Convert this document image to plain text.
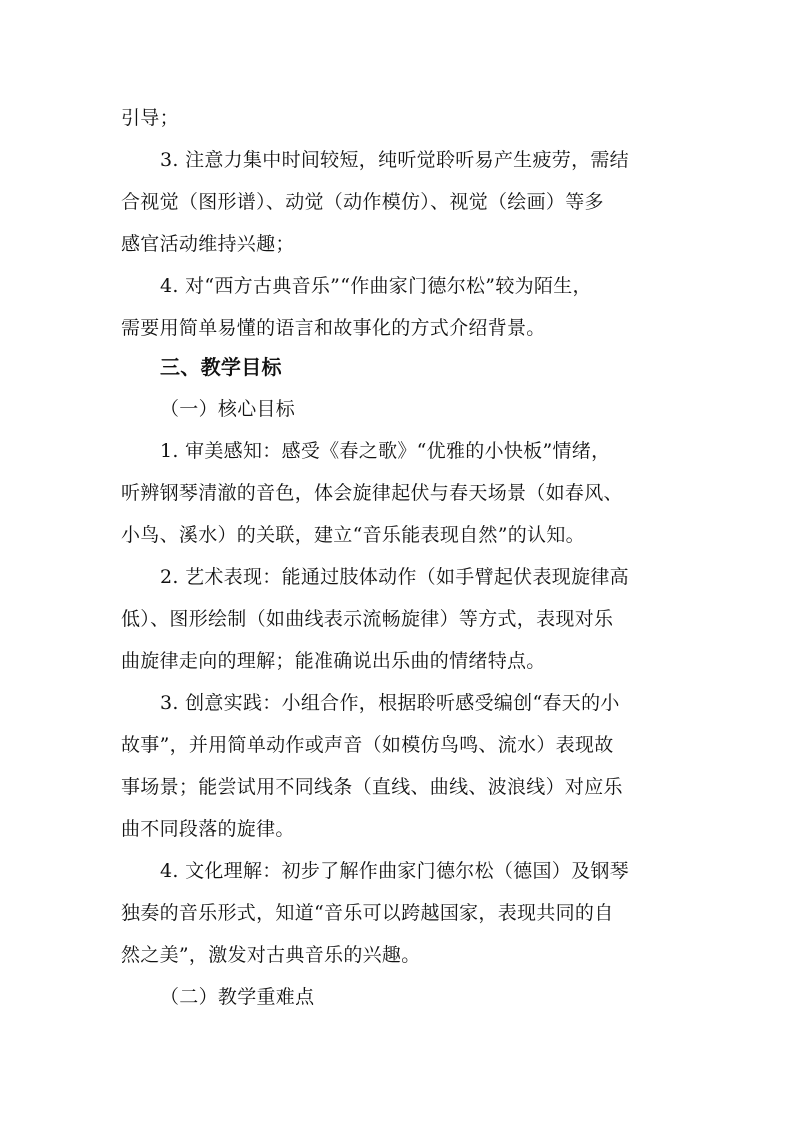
引导；
3. 注意力集中时间较短，纯听觉聆听易产生疲劳，需结
合视觉（图形谱）、动觉（动作模仿）、视觉（绘画）等多
感官活动维持兴趣；
4. 对“西方古典音乐”“作曲家门德尔松”较为陌生，
需要用简单易懂的语言和故事化的方式介绍背景。
三、教学目标
（一）核心目标
1. 审美感知：感受《春之歌》“优雅的小快板”情绪，
听辨钢琴清澈的音色，体会旋律起伏与春天场景（如春风、
小鸟、溪水）的关联，建立“音乐能表现自然”的认知。
2. 艺术表现：能通过肢体动作（如手臂起伏表现旋律高
低）、图形绘制（如曲线表示流畅旋律）等方式，表现对乐
曲旋律走向的理解；能准确说出乐曲的情绪特点。
3. 创意实践：小组合作，根据聆听感受编创“春天的小
故事”，并用简单动作或声音（如模仿鸟鸣、流水）表现故
事场景；能尝试用不同线条（直线、曲线、波浪线）对应乐
曲不同段落的旋律。
4. 文化理解：初步了解作曲家门德尔松（德国）及钢琴
独奏的音乐形式，知道“音乐可以跨越国家，表现共同的自
然之美”，激发对古典音乐的兴趣。
（二）教学重难点
